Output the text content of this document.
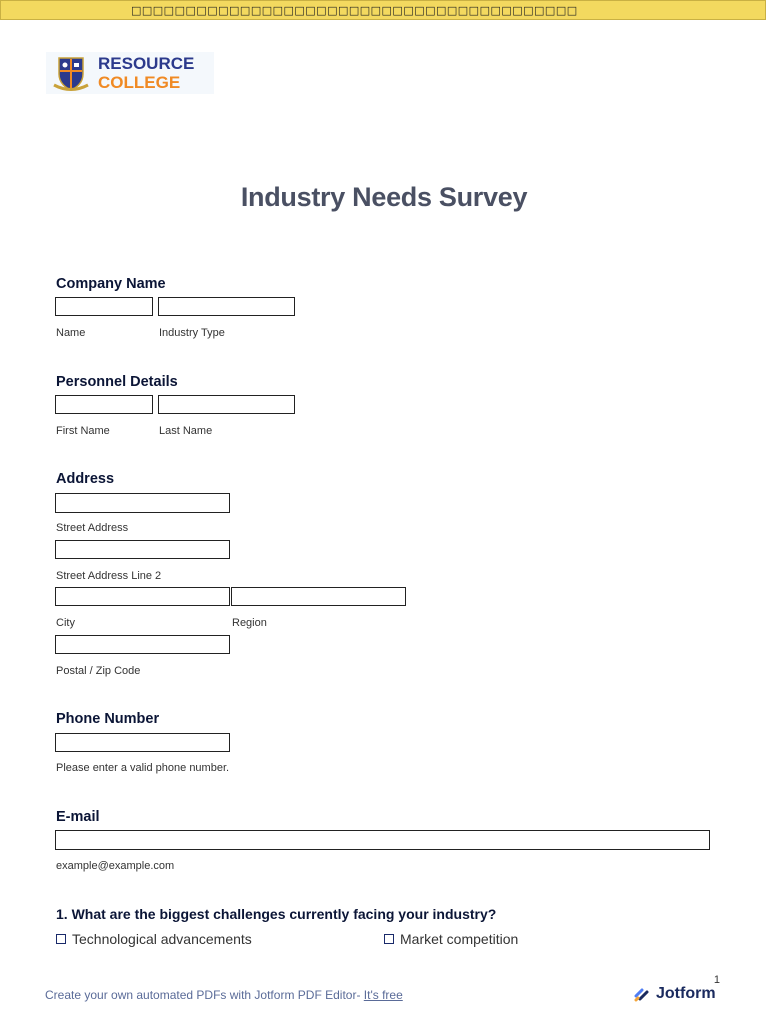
□□□□□□□□□□□□□□□□□□□□□□□□□□□□□□□□□□□□□□□□□
RESOURCE
COLLEGE
Industry Needs Survey
Company Name
Name	Industry Type
Personnel Details
First Name	Last Name
Address
Street Address
Street Address Line 2
City	Region
Postal / Zip Code
Phone Number
Please enter a valid phone number.
E-mail
example@example.com
1. What are the biggest challenges currently facing your industry?
Technological advancements	Market competition
1
Create your own automated PDFs with Jotform PDF Editor- It's free	Jotform
